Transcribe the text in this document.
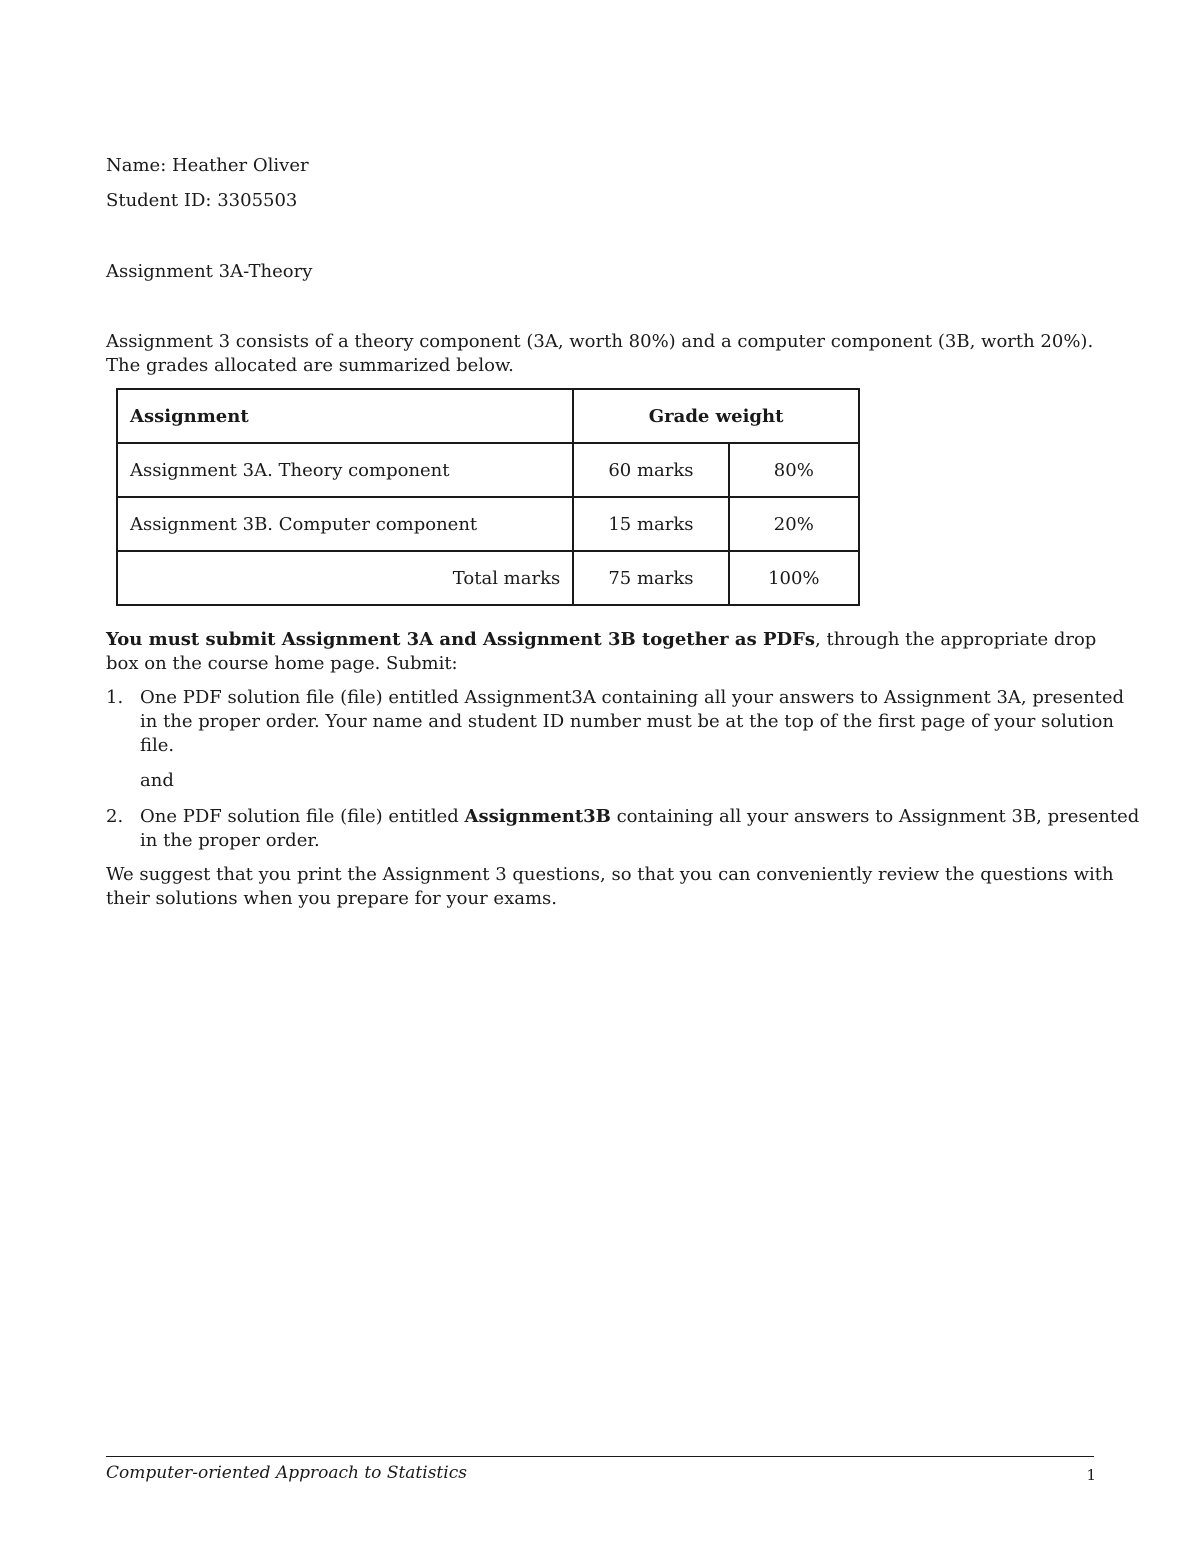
Name: Heather Oliver
Student ID: 3305503
Assignment 3A-Theory
Assignment 3 consists of a theory component (3A, worth 80%) and a computer component (3B, worth 20%).
The grades allocated are summarized below.
Assignment	Grade weight	
Assignment 3A. Theory component	60 marks	80%
Assignment 3B. Computer component	15 marks	20%
Total marks	75 marks	100%
You must submit Assignment 3A and Assignment 3B together as PDFs, through the appropriate drop
box on the course home page. Submit:
1. One PDF solution file (file) entitled Assignment3A containing all your answers to Assignment 3A, presented
in the proper order. Your name and student ID number must be at the top of the first page of your solution
file.
and
2. One PDF solution file (file) entitled Assignment3B containing all your answers to Assignment 3B, presented
in the proper order.
We suggest that you print the Assignment 3 questions, so that you can conveniently review the questions with
their solutions when you prepare for your exams.
Computer-oriented Approach to Statistics	1
